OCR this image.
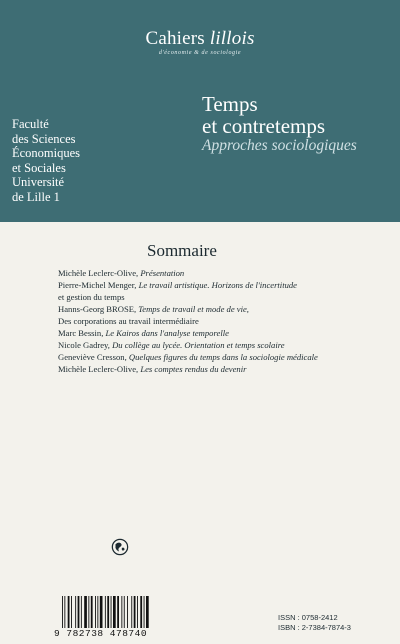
Cahiers lillois
d'économie & de sociologie
Faculté
des Sciences
Économiques
et Sociales
Université
de Lille 1
Temps
et contretemps
Approches sociologiques
Sommaire
Michèle Leclerc-Olive, Présentation
Pierre-Michel Menger, Le travail artistique. Horizons de l'incertitude
et gestion du temps
Hanns-Georg BROSE, Temps de travail et mode de vie,
Des corporations au travail intermédiaire
Marc Bessin, Le Kairos dans l'analyse temporelle
Nicole Gadrey, Du collège au lycée. Orientation et temps scolaire
Geneviève Cresson, Quelques figures du temps dans la sociologie médicale
Michèle Leclerc-Olive, Les comptes rendus du devenir
9 782738 478740
ISSN : 0758-2412
ISBN : 2-7384-7874-3
